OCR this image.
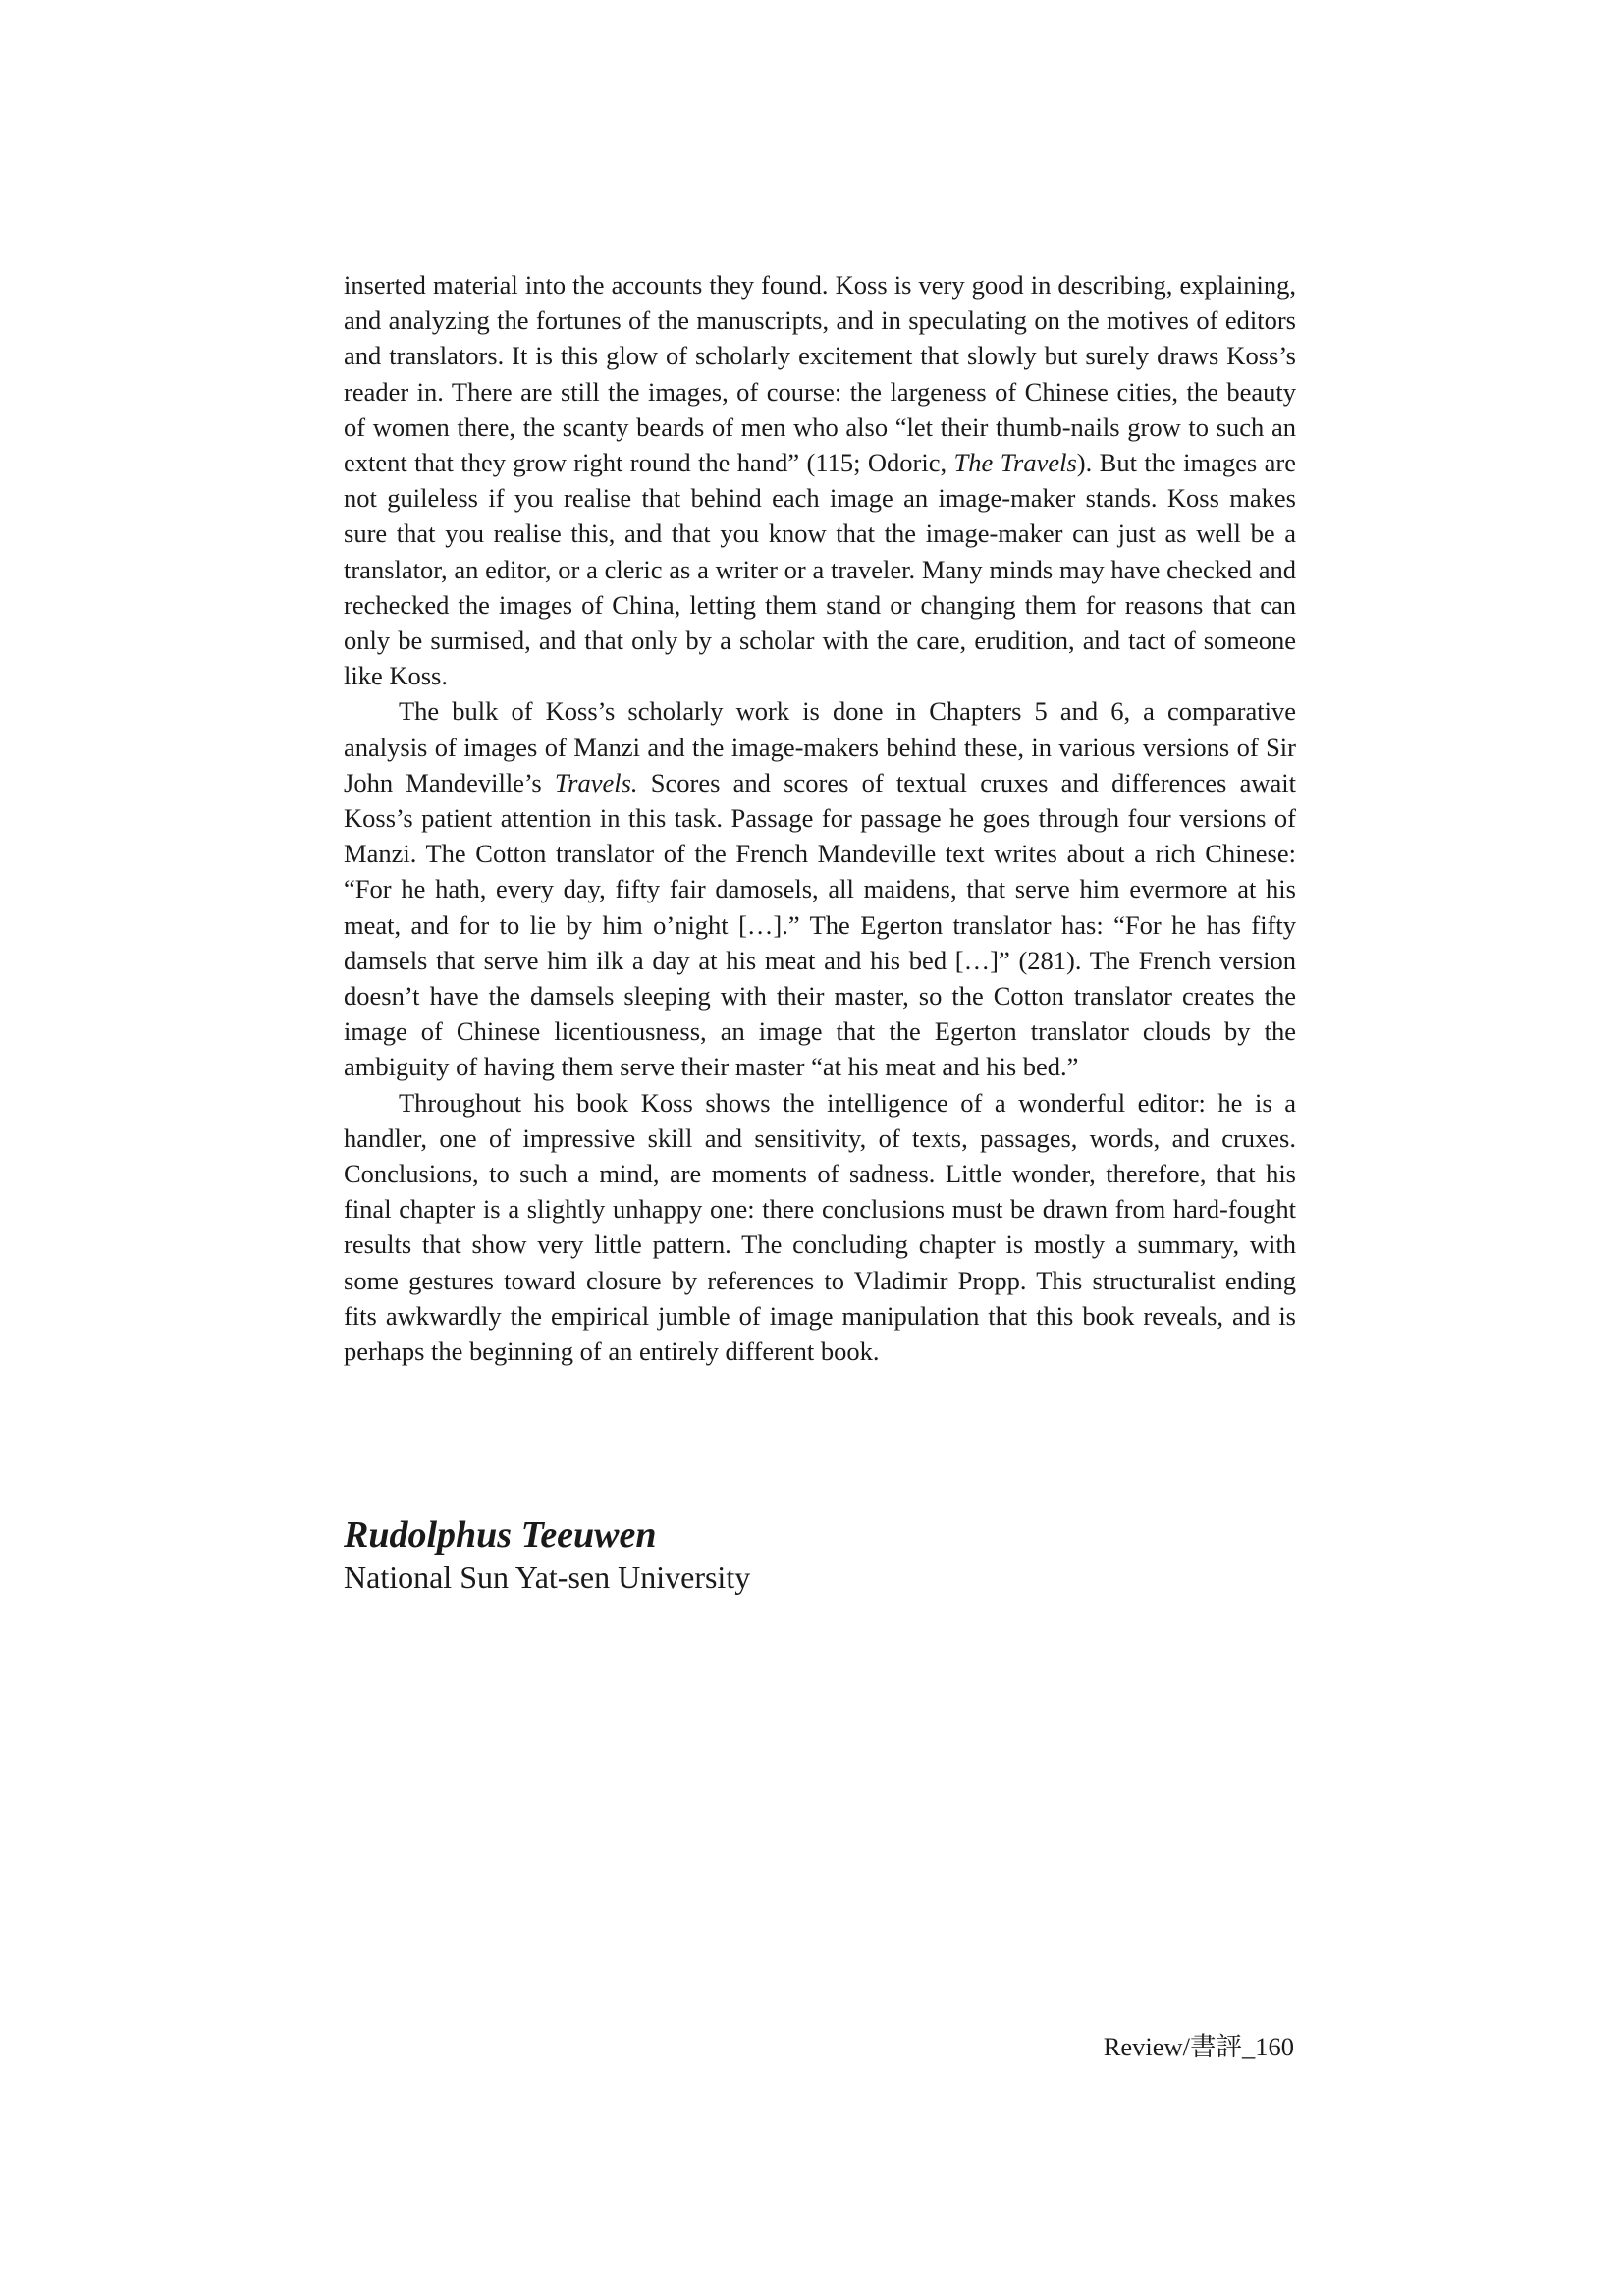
inserted material into the accounts they found. Koss is very good in describing, explaining, and analyzing the fortunes of the manuscripts, and in speculating on the motives of editors and translators. It is this glow of scholarly excitement that slowly but surely draws Koss’s reader in. There are still the images, of course: the largeness of Chinese cities, the beauty of women there, the scanty beards of men who also “let their thumb-nails grow to such an extent that they grow right round the hand” (115; Odoric, The Travels). But the images are not guileless if you realise that behind each image an image-maker stands. Koss makes sure that you realise this, and that you know that the image-maker can just as well be a translator, an editor, or a cleric as a writer or a traveler. Many minds may have checked and rechecked the images of China, letting them stand or changing them for reasons that can only be surmised, and that only by a scholar with the care, erudition, and tact of someone like Koss.

The bulk of Koss’s scholarly work is done in Chapters 5 and 6, a comparative analysis of images of Manzi and the image-makers behind these, in various versions of Sir John Mandeville’s Travels. Scores and scores of textual cruxes and differences await Koss’s patient attention in this task. Passage for passage he goes through four versions of Manzi. The Cotton translator of the French Mandeville text writes about a rich Chinese: “For he hath, every day, fifty fair damosels, all maidens, that serve him evermore at his meat, and for to lie by him o’night […].” The Egerton translator has: “For he has fifty damsels that serve him ilk a day at his meat and his bed […]” (281). The French version doesn’t have the damsels sleeping with their master, so the Cotton translator creates the image of Chinese licentiousness, an image that the Egerton translator clouds by the ambiguity of having them serve their master “at his meat and his bed.”

Throughout his book Koss shows the intelligence of a wonderful editor: he is a handler, one of impressive skill and sensitivity, of texts, passages, words, and cruxes. Conclusions, to such a mind, are moments of sadness. Little wonder, therefore, that his final chapter is a slightly unhappy one: there conclusions must be drawn from hard-fought results that show very little pattern. The concluding chapter is mostly a summary, with some gestures toward closure by references to Vladimir Propp. This structuralist ending fits awkwardly the empirical jumble of image manipulation that this book reveals, and is perhaps the beginning of an entirely different book.

Rudolphus Teeuwen
National Sun Yat-sen University
Review/書評_160
